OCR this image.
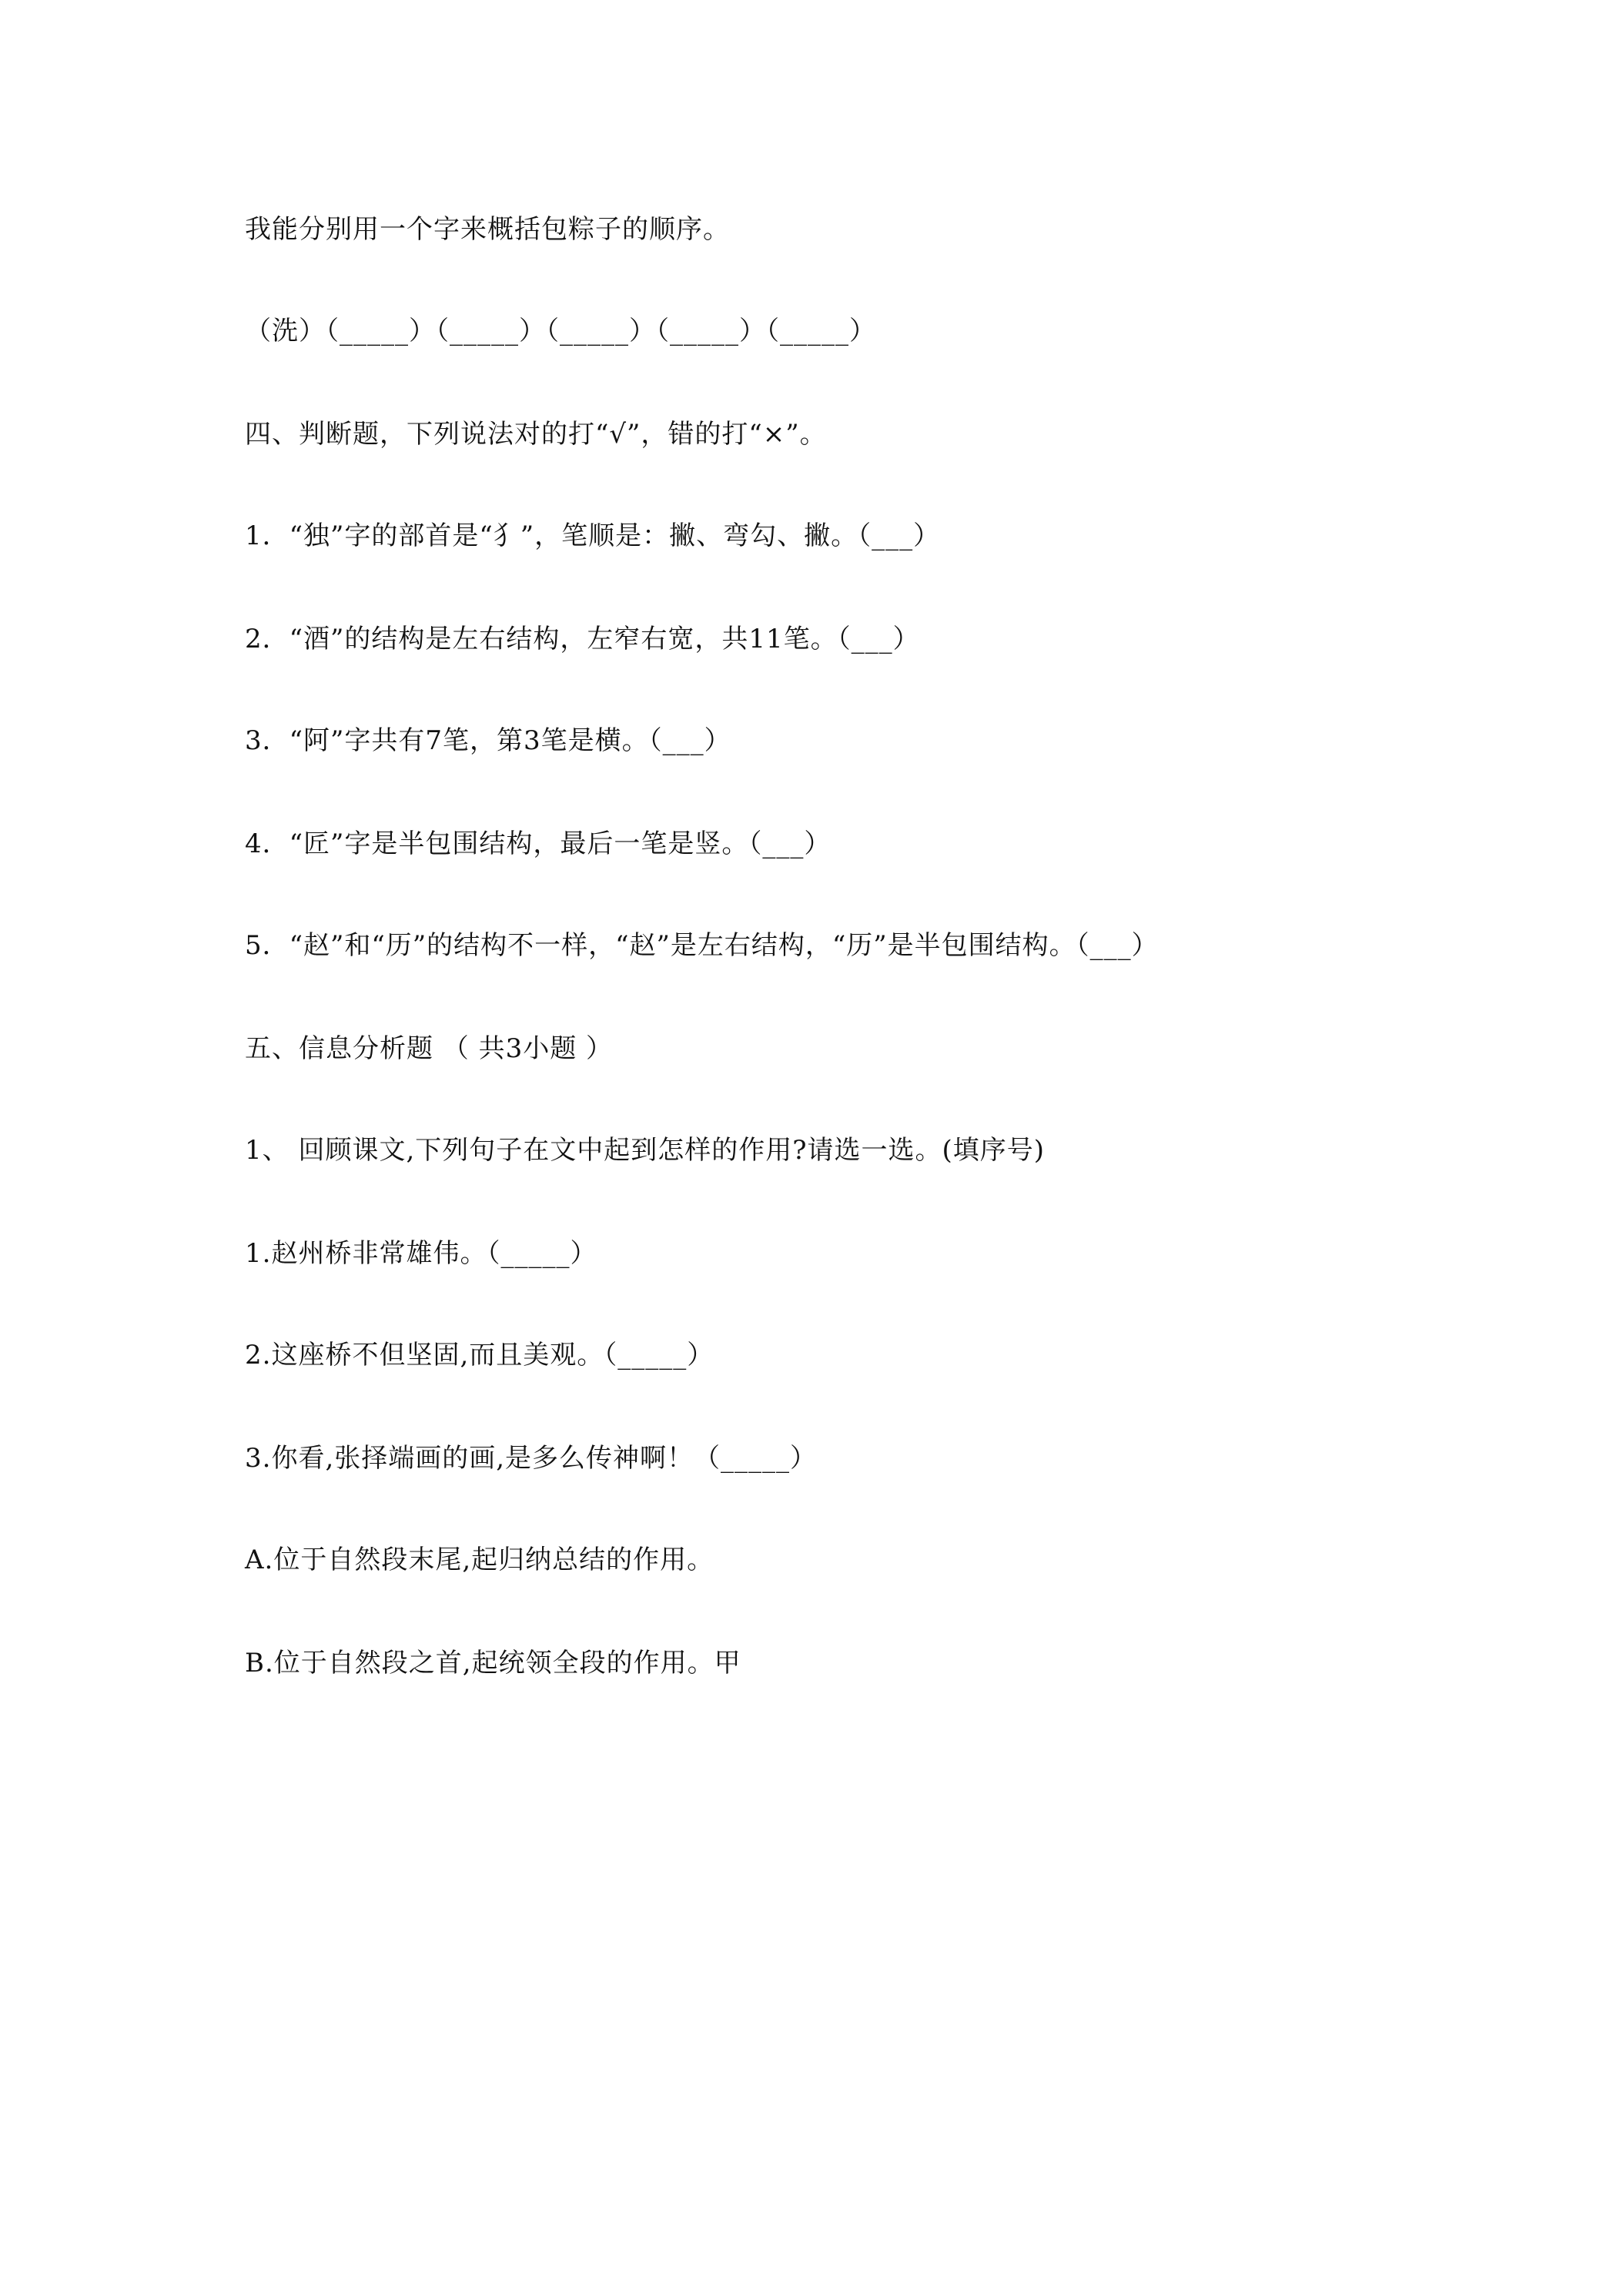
我能分别用一个字来概括包粽子的顺序。
（洗）（_____）（_____）（_____）（_____）（_____）
四、判断题，下列说法对的打“√”，错的打“×”。
1．“独”字的部首是“犭”，笔顺是：撇、弯勾、撇。（___）
2．“酒”的结构是左右结构，左窄右宽，共11笔。（___）
3．“阿”字共有7笔，第3笔是横。（___）
4．“匠”字是半包围结构，最后一笔是竖。（___）
5．“赵”和“历”的结构不一样，“赵”是左右结构，“历”是半包围结构。（___）
五、信息分析题 （ 共3小题 ）
1、 回顾课文,下列句子在文中起到怎样的作用?请选一选。(填序号)
1.赵州桥非常雄伟。（_____）
2.这座桥不但坚固,而且美观。（_____）
3.你看,张择端画的画,是多么传神啊！（_____）
A.位于自然段末尾,起归纳总结的作用。
B.位于自然段之首,起统领全段的作用。甲
